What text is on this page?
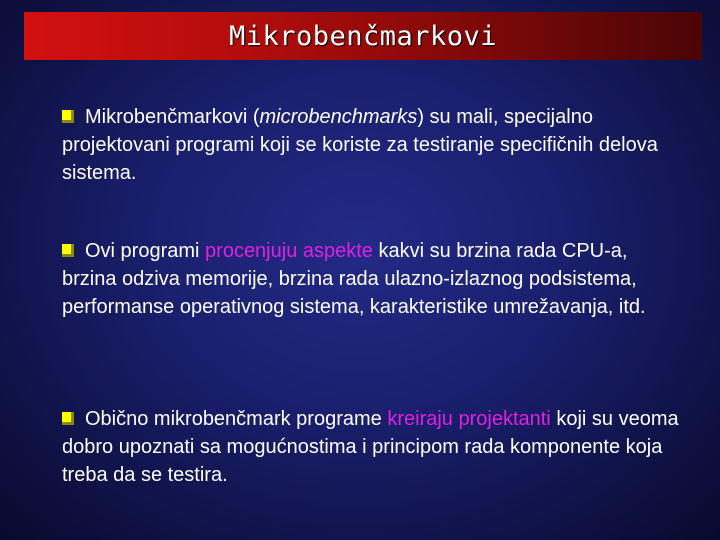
Mikrobenčmarkovi
Mikrobenčmarkovi (microbenchmarks) su mali, specijalno projektovani programi koji se koriste za testiranje specifičnih delova sistema.
Ovi programi procenjuju aspekte kakvi su brzina rada CPU-a, brzina odziva memorije, brzina rada ulazno-izlaznog podsistema, performanse operativnog sistema, karakteristike umrežavanja, itd.
Obično mikrobenčmark programe kreiraju projektanti koji su veoma dobro upoznati sa mogućnostima i principom rada komponente koja treba da se testira.
